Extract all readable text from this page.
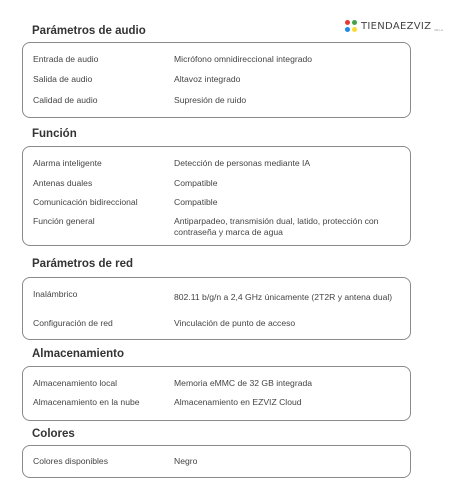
TIENDAEZVIZ DE LA
Parámetros de audio
Entrada de audio	Micrófono omnidireccional integrado
Salida de audio	Altavoz integrado
Calidad de audio	Supresión de ruido
Función
Alarma inteligente	Detección de personas mediante IA
Antenas duales	Compatible
Comunicación bidireccional	Compatible
Función general	Antiparpadeo, transmisión dual, latido, protección con contraseña y marca de agua
Parámetros de red
Inalámbrico	802.11 b/g/n a 2,4 GHz únicamente (2T2R y antena dual)
Configuración de red	Vinculación de punto de acceso
Almacenamiento
Almacenamiento local	Memoria eMMC de 32 GB integrada
Almacenamiento en la nube	Almacenamiento en EZVIZ Cloud
Colores
Colores disponibles	Negro
